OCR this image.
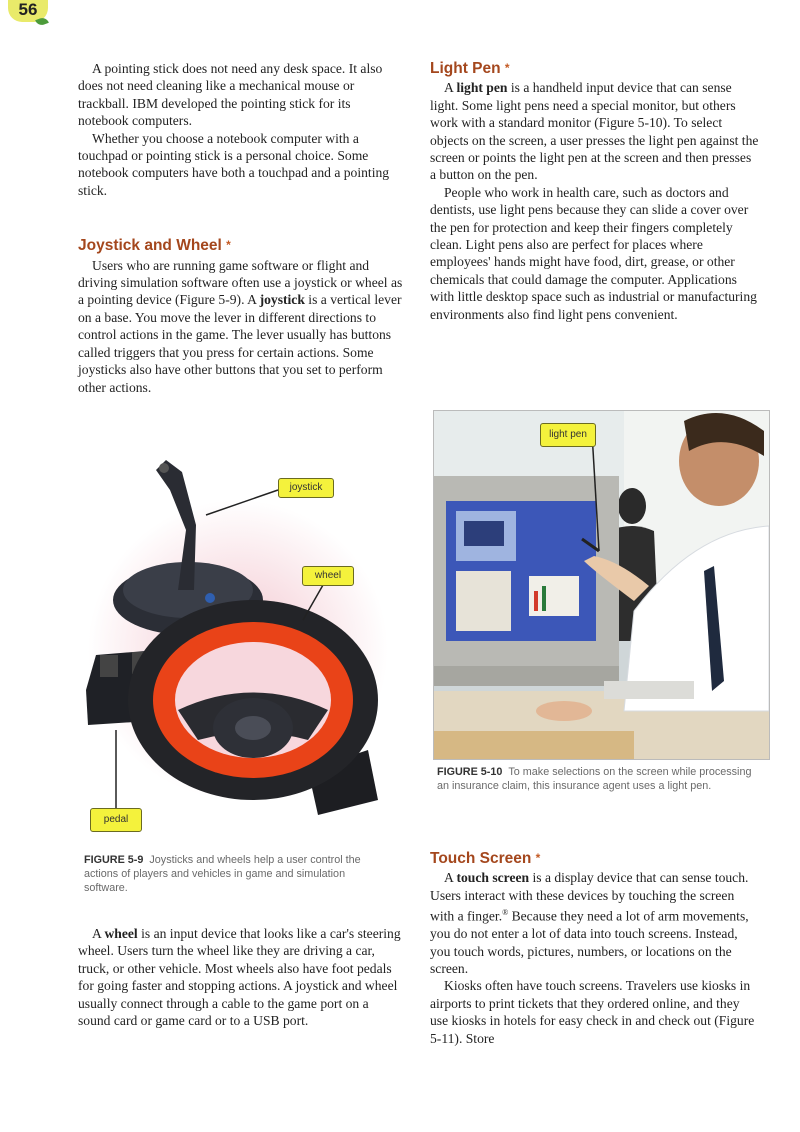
56

A pointing stick does not need any desk space. It also does not need cleaning like a mechanical mouse or trackball. IBM developed the pointing stick for its notebook computers.

Whether you choose a notebook computer with a touchpad or pointing stick is a personal choice. Some notebook computers have both a touchpad and a pointing stick.

Joystick and Wheel *

Users who are running game software or flight and driving simulation software often use a joystick or wheel as a pointing device (Figure 5-9). A joystick is a vertical lever on a base. You move the lever in different directions to control actions in the game. The lever usually has buttons called triggers that you press for certain actions. Some joysticks also have other buttons that you set to perform other actions.

joystick
wheel
pedal
FIGURE 5-9 Joysticks and wheels help a user control the actions of players and vehicles in game and simulation software.

A wheel is an input device that looks like a car's steering wheel. Users turn the wheel like they are driving a car, truck, or other vehicle. Most wheels also have foot pedals for going faster and stopping actions. A joystick and wheel usually connect through a cable to the game port on a sound card or game card or to a USB port.

Light Pen *

A light pen is a handheld input device that can sense light. Some light pens need a special monitor, but others work with a standard monitor (Figure 5-10). To select objects on the screen, a user presses the light pen against the screen or points the light pen at the screen and then presses a button on the pen.

People who work in health care, such as doctors and dentists, use light pens because they can slide a cover over the pen for protection and keep their fingers completely clean. Light pens also are perfect for places where employees' hands might have food, dirt, grease, or other chemicals that could damage the computer. Applications with little desktop space such as industrial or manufacturing environments also find light pens convenient.

light pen
FIGURE 5-10 To make selections on the screen while processing an insurance claim, this insurance agent uses a light pen.
Touch Screen *

A touch screen is a display device that can sense touch. Users interact with these devices by touching the screen with a finger.® Because they need a lot of arm movements, you do not enter a lot of data into touch screens. Instead, you touch words, pictures, numbers, or locations on the screen.

Kiosks often have touch screens. Travelers use kiosks in airports to print tickets that they ordered online, and they use kiosks in hotels for easy check in and check out (Figure 5-11). Store
